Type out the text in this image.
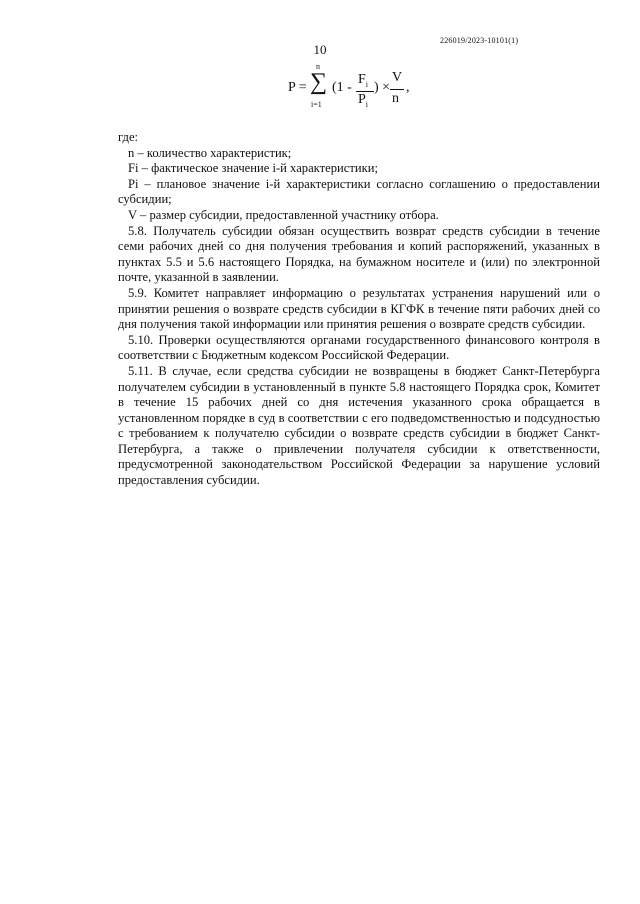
226019/2023-10101(1)
10
P =
n
∑
i=1
(1 -
$F_i$
$P_i$
) ×
V
n
,

где:

n – количество характеристик;

Fi – фактическое значение i-й характеристики;

Pi – плановое значение i-й характеристики согласно соглашению о предоставлении субсидии;

V – размер субсидии, предоставленной участнику отбора.

5.8. Получатель субсидии обязан осуществить возврат средств субсидии в течение семи рабочих дней со дня получения требования и копий распоряжений, указанных в пунктах 5.5 и 5.6 настоящего Порядка, на бумажном носителе и (или) по электронной почте, указанной в заявлении.

5.9. Комитет направляет информацию о результатах устранения нарушений или о принятии решения о возврате средств субсидии в КГФК в течение пяти рабочих дней со дня получения такой информации или принятия решения о возврате средств субсидии.

5.10. Проверки осуществляются органами государственного финансового контроля в соответствии с Бюджетным кодексом Российской Федерации.

5.11. В случае, если средства субсидии не возвращены в бюджет Санкт-Петербурга получателем субсидии в установленный в пункте 5.8 настоящего Порядка срок, Комитет в течение 15 рабочих дней со дня истечения указанного срока обращается в установленном порядке в суд в соответствии с его подведомственностью и подсудностью с требованием к получателю субсидии о возврате средств субсидии в бюджет Санкт-Петербурга, а также о привлечении получателя субсидии к ответственности, предусмотренной законодательством Российской Федерации за нарушение условий предоставления субсидии.
